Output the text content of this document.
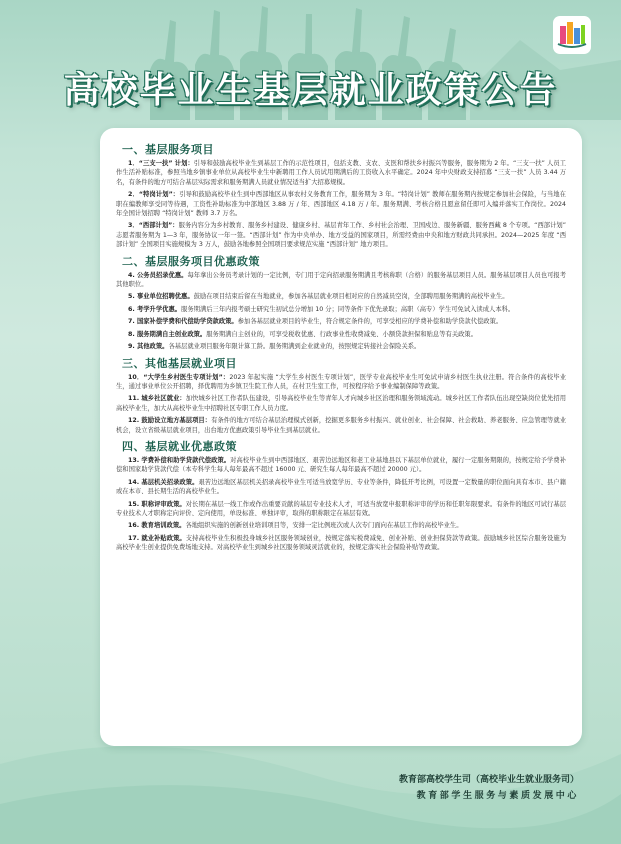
高校毕业生基层就业政策公告
一、基层服务项目
1．“三支一扶” 计划：引导和鼓励高校毕业生到基层工作的示范性项目，包括支教、支农、支医和帮扶乡村振兴等服务，服务期为 2 年。“三支一扶” 人员工作生活补贴标准，参照当地乡镇事业单位从高校毕业生中新聘用工作人员试用期满后的工资收入水平确定。2024 年中央财政支持招募 “三支一扶” 人员 3.44 万名，有条件的地方可结合基层实际需求和服务期满人员就业情况适当扩大招募规模。
2．“特岗计划”：引导和鼓励高校毕业生到中西部地区从事农村义务教育工作，服务期为 3 年。“特岗计划” 教师在服务期内按规定参加社会保险，与当地在职在编教师享受同等待遇，工资性补助标准为中部地区 3.88 万 / 年、西部地区 4.18 万 / 年。服务期满、考核合格且愿意留任即可入编并落实工作岗位。2024 年全国计划招聘 “特岗计划” 教师 3.7 万名。
3．“西部计划”：服务内容分为乡村教育、服务乡村建设、健康乡村、基层青年工作、乡村社会治理、卫国戍边、服务新疆、服务西藏 8 个专项。“西部计划” 志愿者服务期为 1—3 年，服务协议一年一签。“西部计划” 作为中央单办、地方受益的国家项目，所需经费由中央和地方财政共同承担。2024—2025 年度 “西部计划” 全国项目实施规模为 3 万人，鼓励各地参照全国项目要求规范实施 “西部计划” 地方项目。
二、基层服务项目优惠政策
4. 公务员招录优惠。每年拿出公务员考录计划的一定比例，专门用于定向招录服务期满且考核称职（合格）的服务基层项目人员。服务基层项目人员也可报考其他职位。
5. 事业单位招聘优惠。鼓励在项目结束后留在当地就业，参加各基层就业项目相对应的自然减员空岗，全部聘用服务期满的高校毕业生。
6. 考学升学优惠。服务期满后三年内报考硕士研究生初试总分增加 10 分；同等条件下优先录取；高职（高专）学生可免试入读成人本科。
7. 国家补偿学费和代偿助学贷款政策。参加各基层就业项目的毕业生，符合规定条件的，可享受相应的学费补偿和助学贷款代偿政策。
8. 服务期满自主创业政策。服务期满自主创业的，可享受税收优惠、行政事业性收费减免、小额贷款担保和贴息等有关政策。
9. 其他政策。各基层就业项目服务年限计算工龄。服务期满到企业就业的，按照规定转接社会保险关系。
三、其他基层就业项目
10．“大学生乡村医生专项计划”：2023 年起实施 “大学生乡村医生专项计划”，医学专业高校毕业生可免试申请乡村医生执业注册。符合条件的高校毕业生，通过事业单位公开招聘，择优聘用为乡镇卫生院工作人员，在村卫生室工作，可按程序给予事业编制保障等政策。
11. 城乡社区就业：加快城乡社区工作者队伍建设，引导高校毕业生等青年人才向城乡社区治理和服务领域流动。城乡社区工作者队伍出现空缺岗位优先招用高校毕业生，加大从高校毕业生中招聘社区专职工作人员力度。
12. 鼓励设立地方基层项目：有条件的地方可结合基层治理模式创新，挖掘更多服务乡村振兴、就业创业、社会保障、社会救助、养老服务、应急管理等就业机会，设立省级基层就业项目，出台地方优惠政策引导毕业生到基层就业。
四、基层就业优惠政策
13. 学费补偿和助学贷款代偿政策。对高校毕业生到中西部地区、艰苦边远地区和老工业基地县以下基层单位就业，履行一定服务期限的，按规定给予学费补偿和国家助学贷款代偿（本专科学生每人每年最高不超过 16000 元、研究生每人每年最高不超过 20000 元）。
14. 基层机关招录政策。艰苦边远地区基层机关招录高校毕业生可适当放宽学历、专业等条件，降低开考比例，可设置一定数量的职位面向具有本市、县户籍或在本市、县长期生活的高校毕业生。
15. 职称评审政策。对长期在基层一线工作或作出重要贡献的基层专业技术人才，可适当放宽申报职称评审的学历和任职年限要求。有条件的地区可试行基层专业技术人才职称定向评价、定向使用，单设标准、单独评审，取得的职称限定在基层有效。
16. 教育培训政策。各地组织实施的创新创业培训项目等，安排一定比例班次或人次专门面向在基层工作的高校毕业生。
17. 就业补贴政策。支持高校毕业生积极投身城乡社区服务领域创业，按规定落实税费减免、创业补贴、创业担保贷款等政策。鼓励城乡社区综合服务设施为高校毕业生创业提供免费场地支持。对高校毕业生到城乡社区服务领域灵活就业的，按规定落实社会保险补贴等政策。
教育部高校学生司（高校毕业生就业服务司）
教育部学生服务与素质发展中心
